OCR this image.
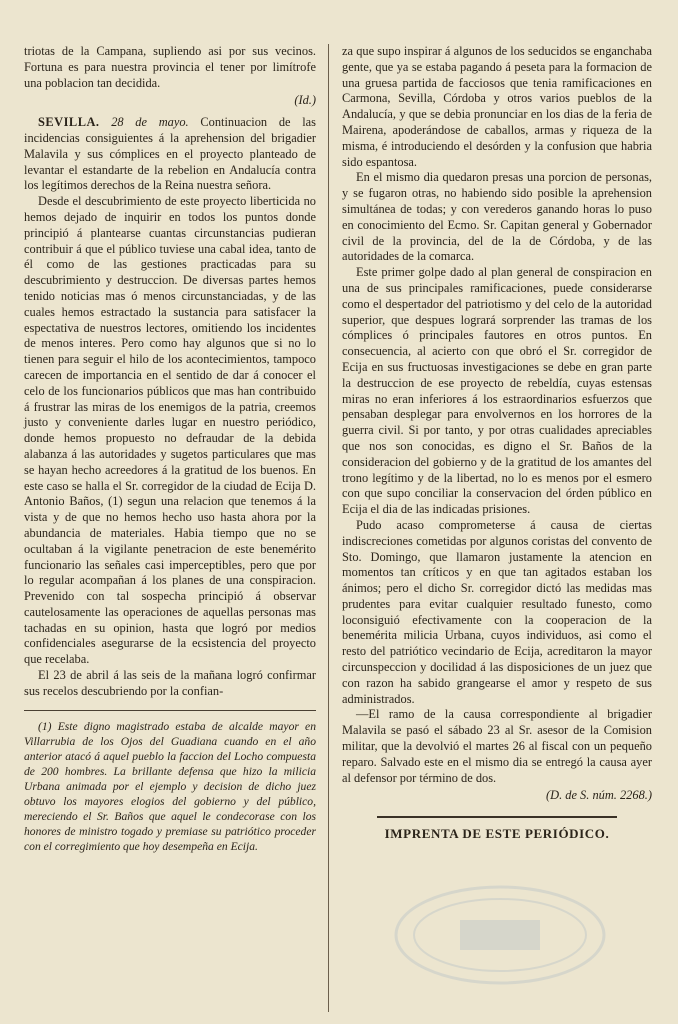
triotas de la Campana, supliendo asi por sus vecinos. Fortuna es para nuestra provincia el tener por limítrofe una poblacion tan decidida.

(Id.)

SEVILLA. 28 de mayo. Continuacion de las incidencias consiguientes á la aprehension del brigadier Malavila y sus cómplices en el proyecto planteado de levantar el estandarte de la rebelion en Andalucía contra los legítimos derechos de la Reina nuestra señora.

Desde el descubrimiento de este proyecto liberticida no hemos dejado de inquirir en todos los puntos donde principió á plantearse cuantas circunstancias pudieran contribuir á que el público tuviese una cabal idea, tanto de él como de las gestiones practicadas para su descubrimiento y destruccion. De diversas partes hemos tenido noticias mas ó menos circunstanciadas, y de las cuales hemos estractado la sustancia para satisfacer la espectativa de nuestros lectores, omitiendo los incidentes de menos interes. Pero como hay algunos que si no lo tienen para seguir el hilo de los acontecimientos, tampoco carecen de importancia en el sentido de dar á conocer el celo de los funcionarios públicos que mas han contribuido á frustrar las miras de los enemigos de la patria, creemos justo y conveniente darles lugar en nuestro periódico, donde hemos propuesto no defraudar de la debida alabanza á las autoridades y sugetos particulares que mas se hayan hecho acreedores á la gratitud de los buenos. En este caso se halla el Sr. corregidor de la ciudad de Ecija D. Antonio Baños, (1) segun una relacion que tenemos á la vista y de que no hemos hecho uso hasta ahora por la abundancia de materiales. Habia tiempo que no se ocultaban á la vigilante penetracion de este benemérito funcionario las señales casi imperceptibles, pero que por lo regular acompañan á los planes de una conspiracion. Prevenido con tal sospecha principió á observar cautelosamente las operaciones de aquellas personas mas tachadas en su opinion, hasta que logró por medios confidenciales asegurarse de la ecsistencia del proyecto que recelaba.

El 23 de abril á las seis de la mañana logró confirmar sus recelos descubriendo por la confian-

(1) Este digno magistrado estaba de alcalde mayor en Villarrubia de los Ojos del Guadiana cuando en el año anterior atacó á aquel pueblo la faccion del Locho compuesta de 200 hombres. La brillante defensa que hizo la milicia Urbana animada por el ejemplo y decision de dicho juez obtuvo los mayores elogios del gobierno y del público, mereciendo el Sr. Baños que aquel le condecorase con los honores de ministro togado y premiase su patriótico proceder con el corregimiento que hoy desempeña en Ecija.

za que supo inspirar á algunos de los seducidos se enganchaba gente, que ya se estaba pagando á peseta para la formacion de una gruesa partida de facciosos que tenia ramificaciones en Carmona, Sevilla, Córdoba y otros varios pueblos de la Andalucía, y que se debia pronunciar en los dias de la feria de Mairena, apoderándose de caballos, armas y riqueza de la misma, é introduciendo el desórden y la confusion que habria sido espantosa.

En el mismo dia quedaron presas una porcion de personas, y se fugaron otras, no habiendo sido posible la aprehension simultánea de todas; y con verederos ganando horas lo puso en conocimiento del Ecmo. Sr. Capitan general y Gobernador civil de la provincia, del de la de Córdoba, y de las autoridades de la comarca.

Este primer golpe dado al plan general de conspiracion en una de sus principales ramificaciones, puede considerarse como el despertador del patriotismo y del celo de la autoridad superior, que despues logrará sorprender las tramas de los cómplices ó principales fautores en otros puntos. En consecuencia, al acierto con que obró el Sr. corregidor de Ecija en sus fructuosas investigaciones se debe en gran parte la destruccion de ese proyecto de rebeldía, cuyas estensas miras no eran inferiores á los estraordinarios esfuerzos que pensaban desplegar para envolvernos en los horrores de la guerra civil. Si por tanto, y por otras cualidades apreciables que nos son conocidas, es digno el Sr. Baños de la consideracion del gobierno y de la gratitud de los amantes del trono legítimo y de la libertad, no lo es menos por el esmero con que supo conciliar la conservacion del órden público en Ecija el dia de las indicadas prisiones.

Pudo acaso comprometerse á causa de ciertas indiscreciones cometidas por algunos coristas del convento de Sto. Domingo, que llamaron justamente la atencion en momentos tan críticos y en que tan agitados estaban los ánimos; pero el dicho Sr. corregidor dictó las medidas mas prudentes para evitar cualquier resultado funesto, como loconsiguió efectivamente con la cooperacion de la benemérita milicia Urbana, cuyos individuos, asi como el resto del patriótico vecindario de Ecija, acreditaron la mayor circunspeccion y docilidad á las disposiciones de un juez que con razon ha sabido grangearse el amor y respeto de sus administrados.

—El ramo de la causa correspondiente al brigadier Malavila se pasó el sábado 23 al Sr. asesor de la Comision militar, que la devolvió el martes 26 al fiscal con un pequeño reparo. Salvado este en el mismo dia se entregó la causa ayer al defensor por término de dos.

(D. de S. núm. 2268.)
IMPRENTA DE ESTE PERIÓDICO.
